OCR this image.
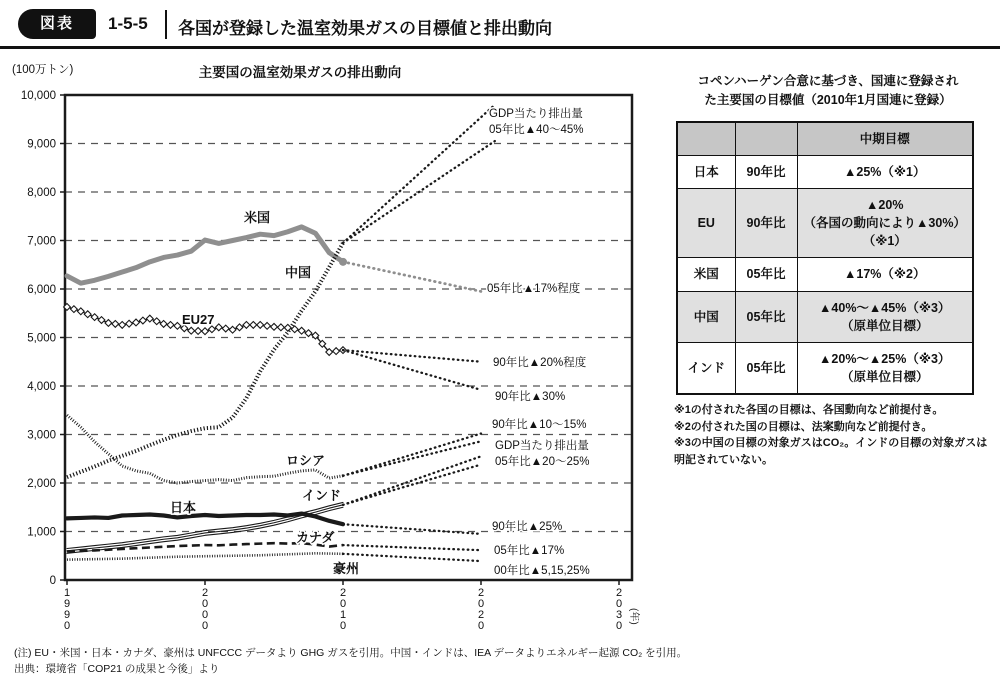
図表	1-5-5 各国が登録した温室効果ガスの目標値と排出動向
(100万トン)	主要国の温室効果ガスの排出動向
0
1,000
2,000
3,000
4,000
5,000
6,000
7,000
8,000
9,000
10,000
1 9 9 0
2 0 0 0
2 0 1 0
2 0 2 0
2 0 3 0
(年)
米国
中国
EU27
ロシア
インド
日本
カナダ
豪州
GDP当たり排出量
05年比▲40～45%
05年比▲17%程度
90年比▲20%程度
90年比▲30%
90年比▲10～15%
GDP当たり排出量
05年比▲20～25%
90年比▲25%
05年比▲17%
00年比▲5,15,25%
コペンハーゲン合意に基づき、国連に登録され
た主要国の目標値（2010年1月国連に登録）
		中期目標
日本	90年比	▲25%（※1）
EU	90年比	▲20%
（各国の動向により▲30%）
（※1）
米国	05年比	▲17%（※2）
中国	05年比	▲40%～▲45%（※3）
（原単位目標）
インド	05年比	▲20%～▲25%（※3）
（原単位目標）
※1の付された各国の目標は、各国動向など前提付き。
※2の付された国の目標は、法案動向など前提付き。
※3の中国の目標の対象ガスはCO₂。インドの目標の対象ガスは明記されていない。
(注) EU・米国・日本・カナダ、豪州は UNFCCC データより GHG ガスを引用。中国・インドは、IEA データよりエネルギー起源 CO₂ を引用。
出典：環境省「COP21 の成果と今後」より
